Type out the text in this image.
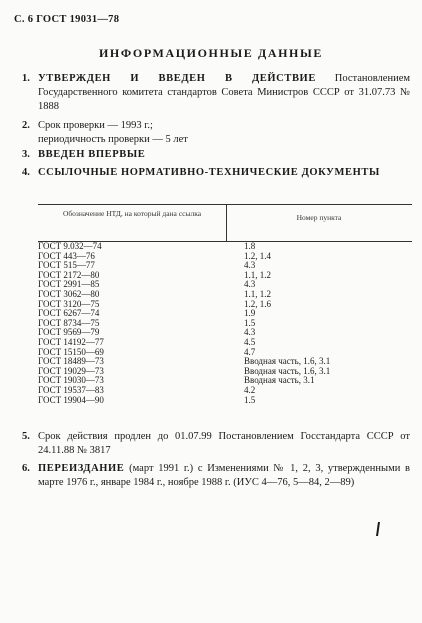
С. 6 ГОСТ 19031—78
ИНФОРМАЦИОННЫЕ ДАННЫЕ
1. УТВЕРЖДЕН И ВВЕДЕН В ДЕЙСТВИЕ Постановлением Государственного комитета стандартов Совета Министров СССР от 31.07.73 № 1888
2. Срок проверки — 1993 г.;
периодичность проверки — 5 лет
3. ВВЕДЕН ВПЕРВЫЕ
4. ССЫЛОЧНЫЕ НОРМАТИВНО-ТЕХНИЧЕСКИЕ ДОКУМЕНТЫ
Обозначение НТД, на который дана ссылка	Номер пункта
ГОСТ 9.032—74	1.8
ГОСТ 443—76	1.2, 1.4
ГОСТ 515—77	4.3
ГОСТ 2172—80	1.1, 1.2
ГОСТ 2991—85	4.3
ГОСТ 3062—80	1.1, 1.2
ГОСТ 3120—75	1.2, 1.6
ГОСТ 6267—74	1.9
ГОСТ 8734—75	1.5
ГОСТ 9569—79	4.3
ГОСТ 14192—77	4.5
ГОСТ 15150—69	4.7
ГОСТ 18489—73	Вводная часть, 1.6, 3.1
ГОСТ 19029—73	Вводная часть, 1.6, 3.1
ГОСТ 19030—73	Вводная часть, 3.1
ГОСТ 19537—83	4.2
ГОСТ 19904—90	1.5
5. Срок действия продлен до 01.07.99 Постановлением Госстандарта СССР от 24.11.88 № 3817
6. ПЕРЕИЗДАНИЕ (март 1991 г.) с Изменениями № 1, 2, 3, утвержденными в марте 1976 г., январе 1984 г., ноябре 1988 г. (ИУС 4—76, 5—84, 2—89)
